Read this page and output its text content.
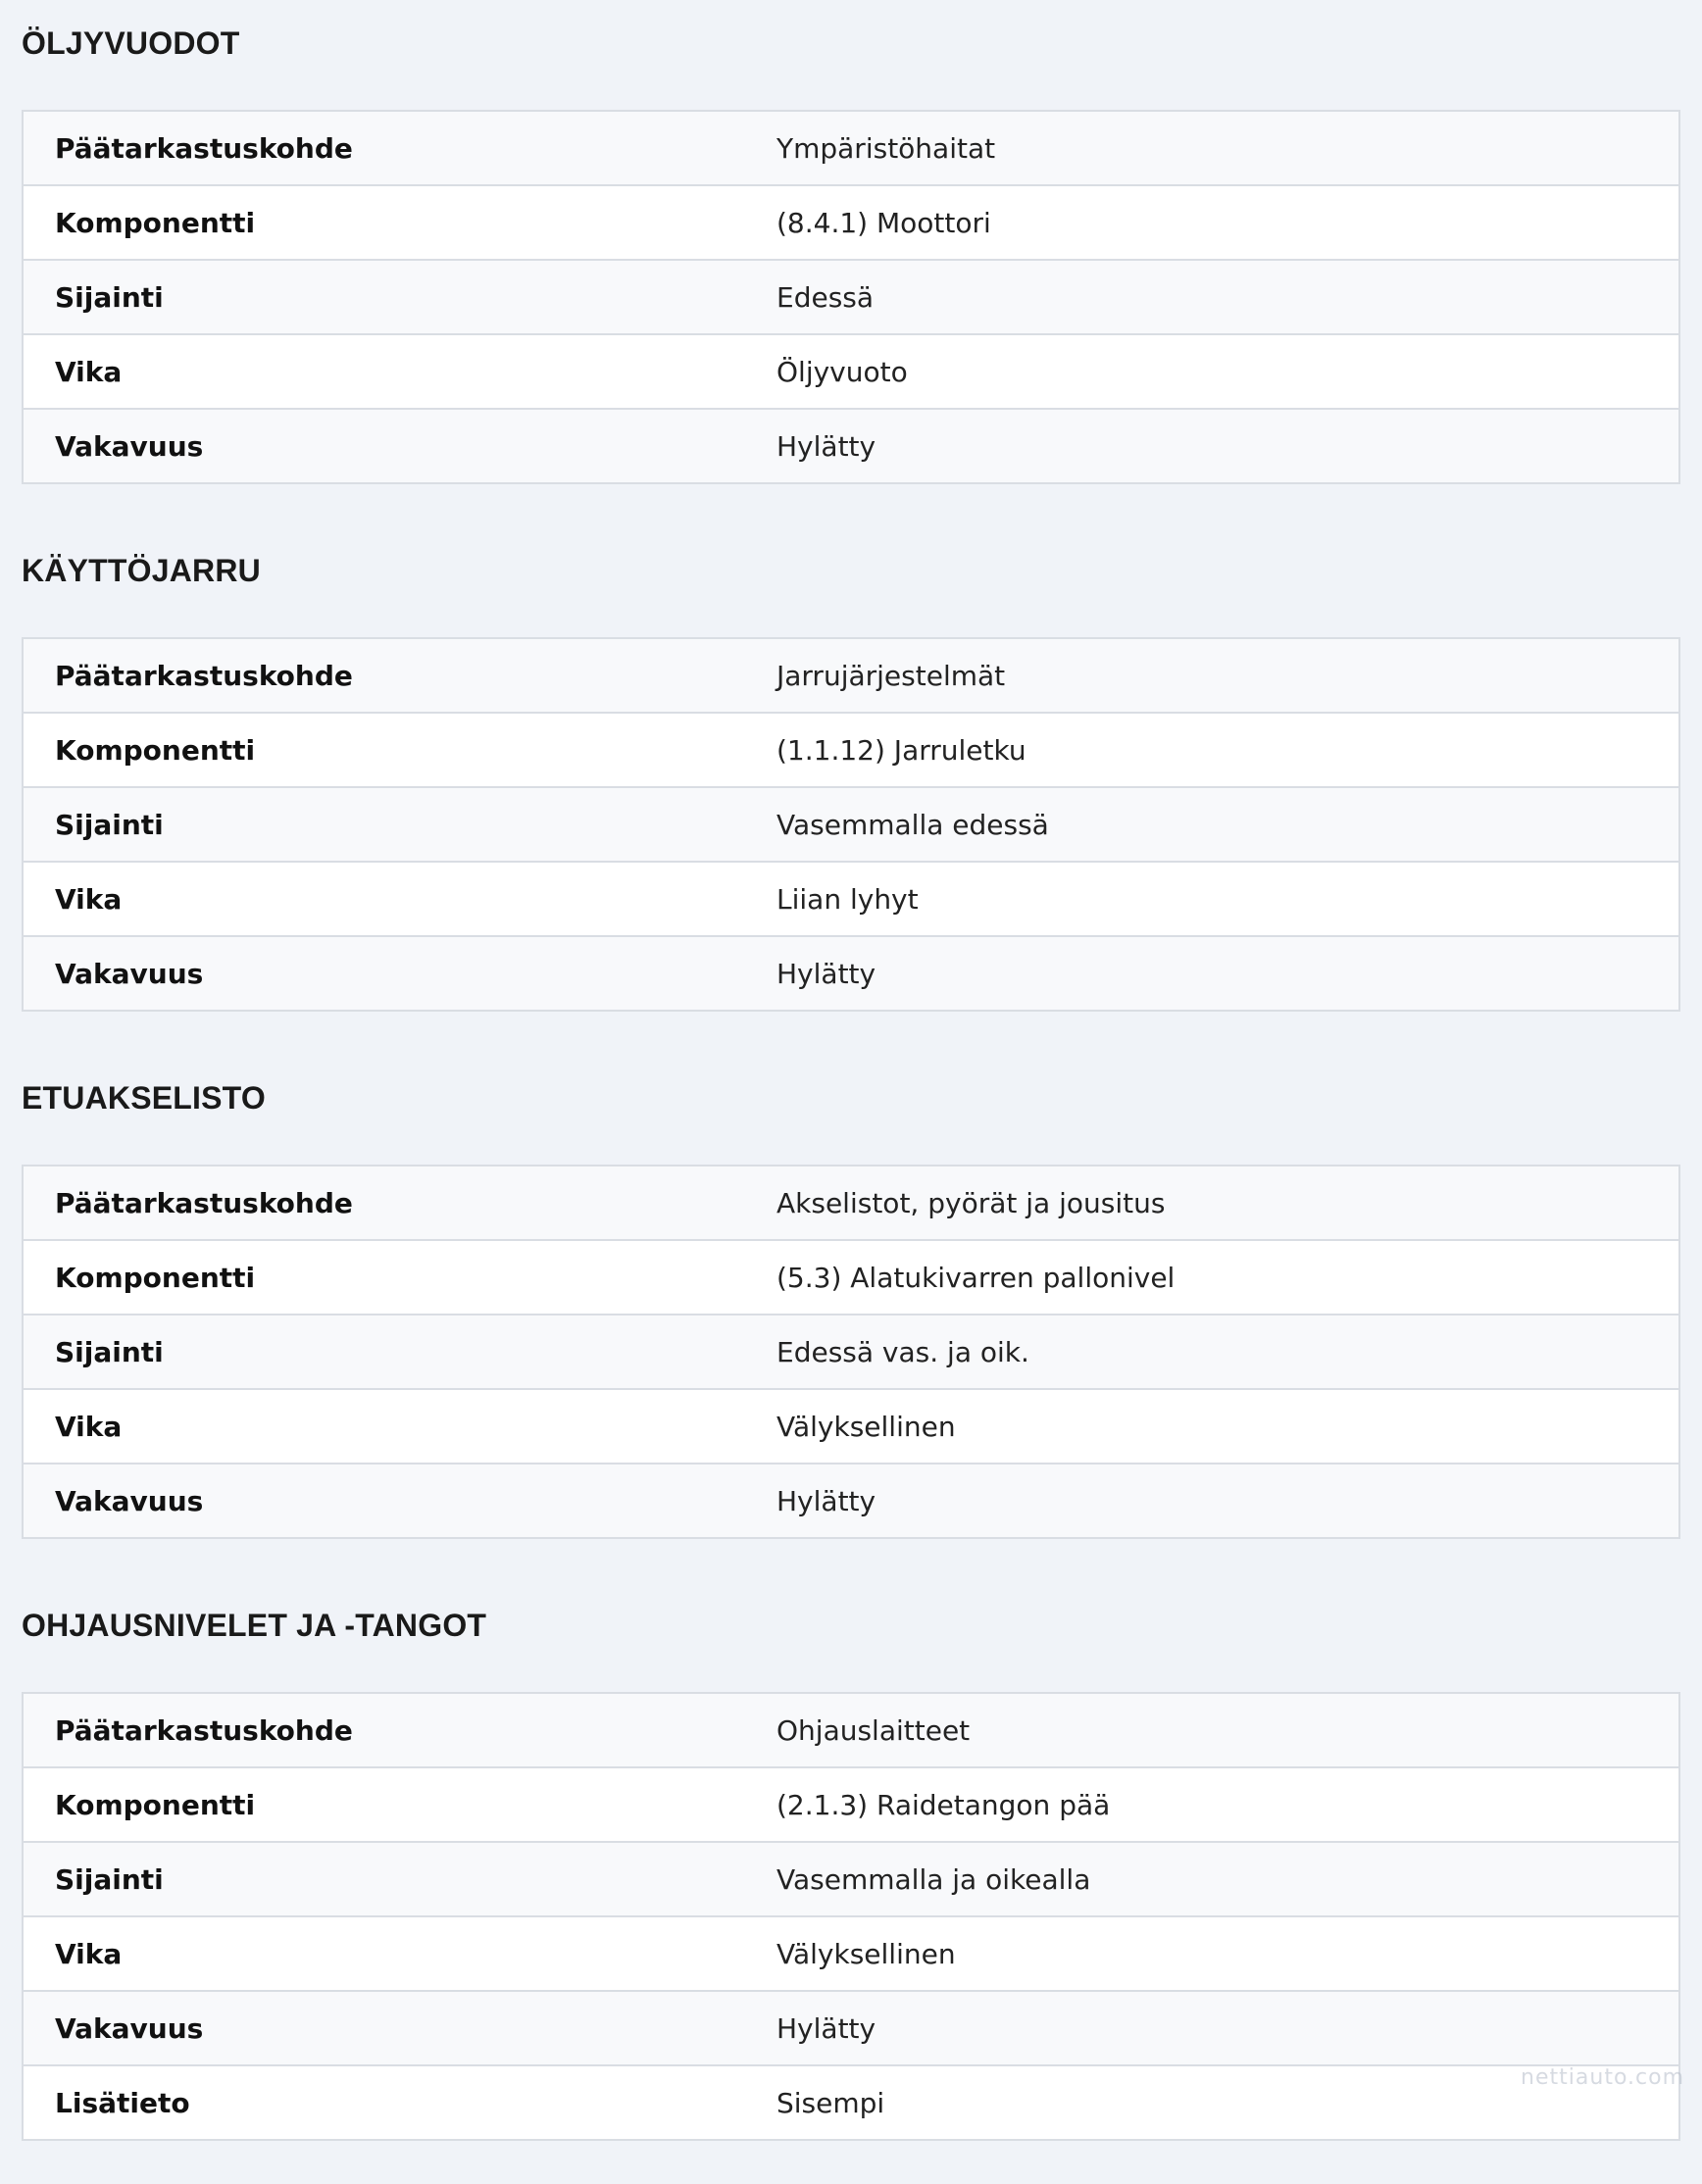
ÖLJYVUODOT
Päätarkastuskohde	Ympäristöhaitat
Komponentti	(8.4.1) Moottori
Sijainti	Edessä
Vika	Öljyvuoto
Vakavuus	Hylätty
KÄYTTÖJARRU
Päätarkastuskohde	Jarrujärjestelmät
Komponentti	(1.1.12) Jarruletku
Sijainti	Vasemmalla edessä
Vika	Liian lyhyt
Vakavuus	Hylätty
ETUAKSELISTO
Päätarkastuskohde	Akselistot, pyörät ja jousitus
Komponentti	(5.3) Alatukivarren pallonivel
Sijainti	Edessä vas. ja oik.
Vika	Välyksellinen
Vakavuus	Hylätty
OHJAUSNIVELET JA -TANGOT
Päätarkastuskohde	Ohjauslaitteet
Komponentti	(2.1.3) Raidetangon pää
Sijainti	Vasemmalla ja oikealla
Vika	Välyksellinen
Vakavuus	Hylätty
Lisätieto	Sisempi
nettiauto.com
